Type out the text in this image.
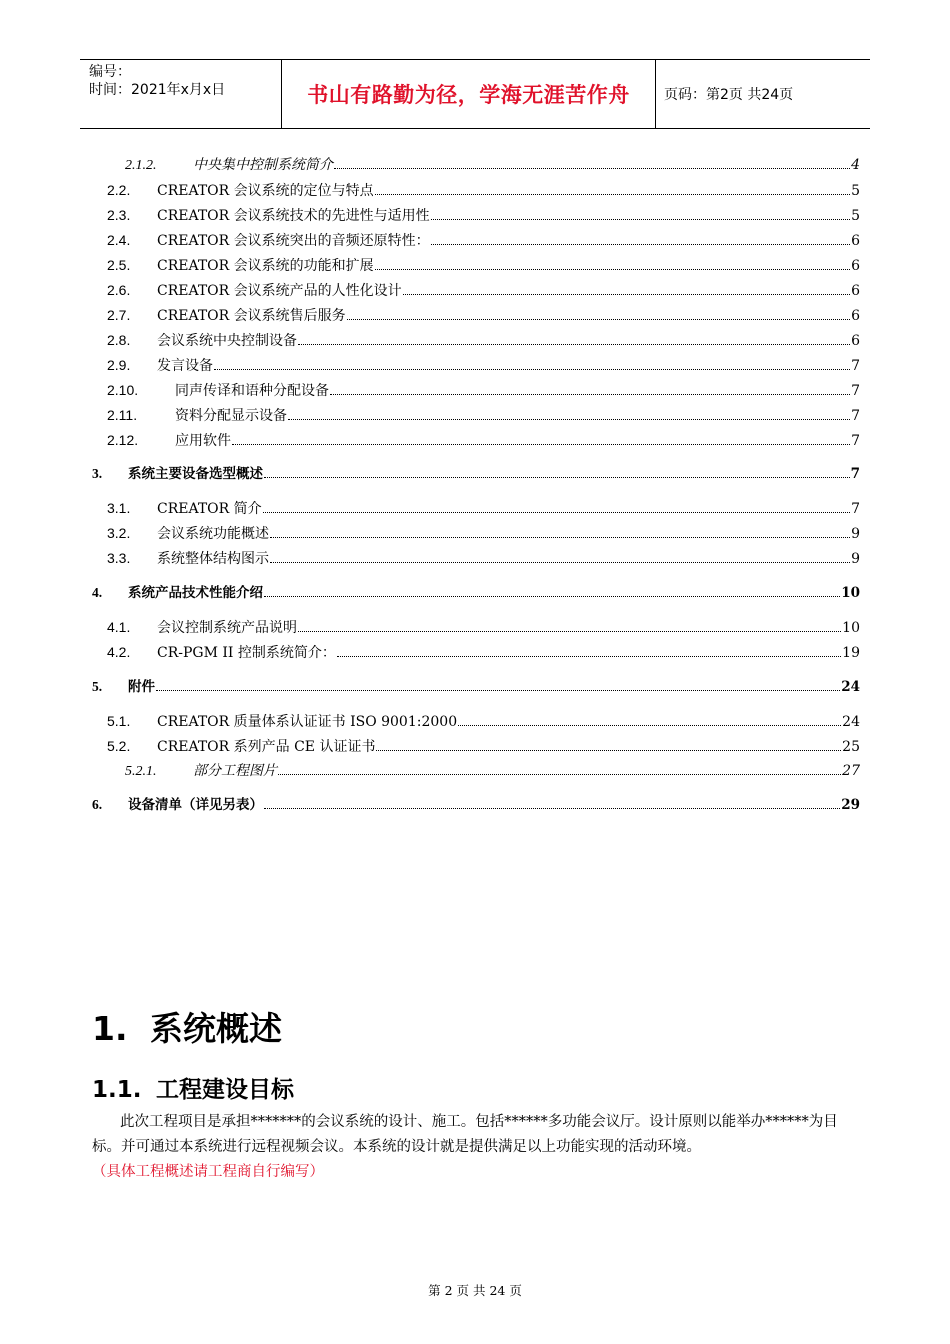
编号：
时间：2021年x月x日	书山有路勤为径，学海无涯苦作舟	页码：第2页 共24页
2.1.2.	中央集中控制系统简介	4
2.2.	CREATOR 会议系统的定位与特点	5
2.3.	CREATOR 会议系统技术的先进性与适用性	5
2.4.	CREATOR 会议系统突出的音频还原特性：	6
2.5.	CREATOR 会议系统的功能和扩展	6
2.6.	CREATOR 会议系统产品的人性化设计	6
2.7.	CREATOR 会议系统售后服务	6
2.8.	会议系统中央控制设备	6
2.9.	发言设备	7
2.10.	同声传译和语种分配设备	7
2.11.	资料分配显示设备	7
2.12.	应用软件	7
3.	系统主要设备选型概述	7
3.1.	CREATOR 简介	7
3.2.	会议系统功能概述	9
3.3.	系统整体结构图示	9
4.	系统产品技术性能介绍	10
4.1.	会议控制系统产品说明	10
4.2.	CR-PGM II 控制系统简介：	19
5.	附件	24
5.1.	CREATOR 质量体系认证证书 ISO 9001:2000	24
5.2.	CREATOR 系列产品 CE 认证证书	25
5.2.1.	部分工程图片	27
6.	设备清单（详见另表）	29
1. 系统概述
1.1. 工程建设目标
此次工程项目是承担*******的会议系统的设计、施工。包括******多功能会议厅。设计原则以能举办******为目标。并可通过本系统进行远程视频会议。本系统的设计就是提供满足以上功能实现的活动环境。
（具体工程概述请工程商自行编写）
第 2 页 共 24 页
